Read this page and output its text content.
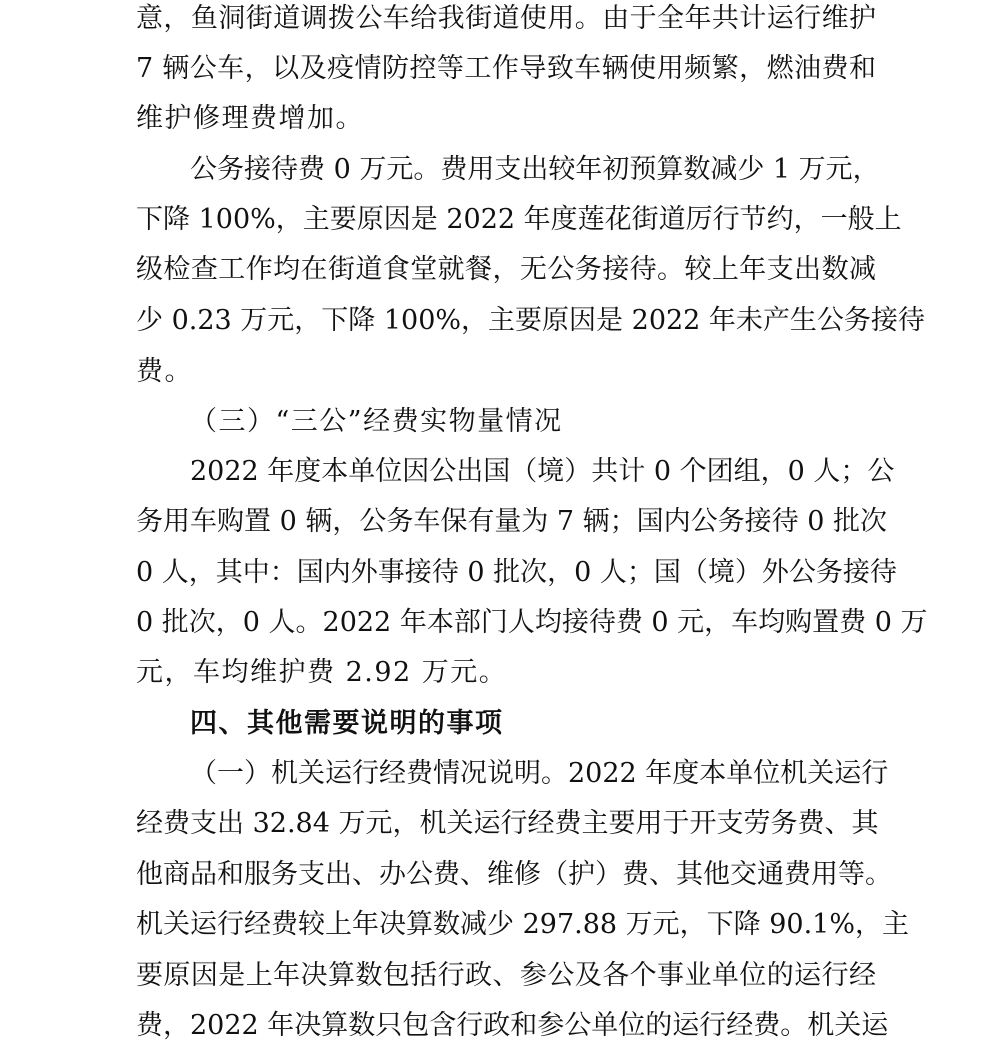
意，鱼洞街道调拨公车给我街道使用。由于全年共计运行维护
7 辆公车，以及疫情防控等工作导致车辆使用频繁，燃油费和
维护修理费增加。
公务接待费 0 万元。费用支出较年初预算数减少 1 万元，
下降 100%，主要原因是 2022 年度莲花街道厉行节约，一般上
级检查工作均在街道食堂就餐，无公务接待。较上年支出数减
少 0.23 万元，下降 100%，主要原因是 2022 年未产生公务接待
费。
（三）“三公”经费实物量情况
2022 年度本单位因公出国（境）共计 0 个团组，0 人；公
务用车购置 0 辆，公务车保有量为 7 辆；国内公务接待 0 批次
0 人，其中：国内外事接待 0 批次，0 人；国（境）外公务接待
0 批次，0 人。2022 年本部门人均接待费 0 元，车均购置费 0 万
元，车均维护费 2.92 万元。
四、其他需要说明的事项
（一）机关运行经费情况说明。2022 年度本单位机关运行
经费支出 32.84 万元，机关运行经费主要用于开支劳务费、其
他商品和服务支出、办公费、维修（护）费、其他交通费用等。
机关运行经费较上年决算数减少 297.88 万元，下降 90.1%，主
要原因是上年决算数包括行政、参公及各个事业单位的运行经
费，2022 年决算数只包含行政和参公单位的运行经费。机关运
